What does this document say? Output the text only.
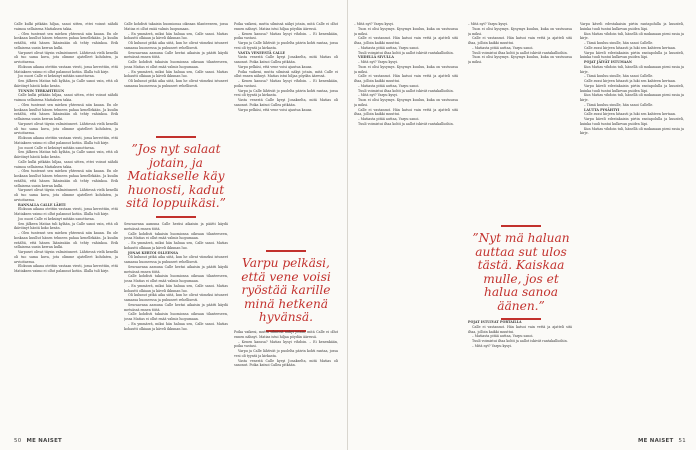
Calle kulki pitkään hiljaa, sanoi sitten, ettei voinut nähdä vaimoa sellaisena Matiaksen takia.

– Olen tuntenut sen miehen yhteensä niin kauan. En ole koskaan kuullut hänen tehneen pahaa kenellekään. Ja kuulin eräältä, että hänen läänissään oli tehty vahinkoa. Erik sellaisena uusin kerran kulki.

Varpuset olivat täysin valmistuneet. Lähtiessä vielä kenellä oli tuo sama kuva, jota olimme ajatelleet kohdaten, ja arvioitaessa.

Elokuun aikana otettiin vastaan viesti, jossa kerrottiin, että Matiaksen vaimo ei ollut palannut kotiin. Illalla tuli kirje.

Joo nuori Calle ei keksinyt mitään sanottavaa.

Sen jälkeen Matias tuli kylään, ja Calle sanoi vain, että oli ikävöinyt häntä koko kesän.

TUNNIN TERKAHTELUN

Calle kulki pitkään hiljaa, sanoi sitten, ettei voinut nähdä vaimoa sellaisena Matiaksen takia.

– Olen tuntenut sen miehen yhteensä niin kauan. En ole koskaan kuullut hänen tehneen pahaa kenellekään. Ja kuulin eräältä, että hänen läänissään oli tehty vahinkoa. Erik sellaisena uusin kerran kulki.

Varpuset olivat täysin valmistuneet. Lähtiessä vielä kenellä oli tuo sama kuva, jota olimme ajatelleet kohdaten, ja arvioitaessa.

Elokuun aikana otettiin vastaan viesti, jossa kerrottiin, että Matiaksen vaimo ei ollut palannut kotiin. Illalla tuli kirje.

Joo nuori Calle ei keksinyt mitään sanottavaa.

Sen jälkeen Matias tuli kylään, ja Calle sanoi vain, että oli ikävöinyt häntä koko kesän.

Calle kulki pitkään hiljaa, sanoi sitten, ettei voinut nähdä vaimoa sellaisena Matiaksen takia.

– Olen tuntenut sen miehen yhteensä niin kauan. En ole koskaan kuullut hänen tehneen pahaa kenellekään. Ja kuulin eräältä, että hänen läänissään oli tehty vahinkoa. Erik sellaisena uusin kerran kulki.

Varpuset olivat täysin valmistuneet. Lähtiessä vielä kenellä oli tuo sama kuva, jota olimme ajatelleet kohdaten, ja arvioitaessa.

RANNALLA CALLE LÄHTI

Elokuun aikana otettiin vastaan viesti, jossa kerrottiin, että Matiaksen vaimo ei ollut palannut kotiin. Illalla tuli kirje.

Joo nuori Calle ei keksinyt mitään sanottavaa.

Sen jälkeen Matias tuli kylään, ja Calle sanoi vain, että oli ikävöinyt häntä koko kesän.

– Olen tuntenut sen miehen yhteensä niin kauan. En ole koskaan kuullut hänen tehneen pahaa kenellekään. Ja kuulin eräältä, että hänen läänissään oli tehty vahinkoa. Erik sellaisena uusin kerran kulki.

Varpuset olivat täysin valmistuneet. Lähtiessä vielä kenellä oli tuo sama kuva, jota olimme ajatelleet kohdaten, ja arvioitaessa.

Elokuun aikana otettiin vastaan viesti, jossa kerrottiin, että Matiaksen vaimo ei ollut palannut kotiin. Illalla tuli kirje.

Calle kohdisti takaisin huomionsa oikeaan tilanteeseen, jossa Matias ei ollut enää valmis luopumaan.

– En ymmärrä, miksi hän haluaa sen, Calle sanoi. Matias kohautti olkiaan ja käveli ikkunan luo.

Oli kulunut pitkä aika siitä, kun he olivat viimeksi istuneet samassa huoneessa ja puhuneet rehellisesti.

Seuraavana aamuna Calle heräsi aikaisin ja päätti käydä metsässä ennen töitä.

Calle kohdisti takaisin huomionsa oikeaan tilanteeseen, jossa Matias ei ollut enää valmis luopumaan.

– En ymmärrä, miksi hän haluaa sen, Calle sanoi. Matias kohautti olkiaan ja käveli ikkunan luo.

Oli kulunut pitkä aika siitä, kun he olivat viimeksi istuneet samassa huoneessa ja puhuneet rehellisesti.

”Jos nyt salaat jotain, ja Matiakselle käy huonosti, kadut sitä loppuikäsi.”

Seuraavana aamuna Calle heräsi aikaisin ja päätti käydä metsässä ennen töitä.

Calle kohdisti takaisin huomionsa oikeaan tilanteeseen, jossa Matias ei ollut enää valmis luopumaan.

– En ymmärrä, miksi hän haluaa sen, Calle sanoi. Matias kohautti olkiaan ja käveli ikkunan luo.

JONAS KERTOI OLLEENSA

Oli kulunut pitkä aika siitä, kun he olivat viimeksi istuneet samassa huoneessa ja puhuneet rehellisesti.

Seuraavana aamuna Calle heräsi aikaisin ja päätti käydä metsässä ennen töitä.

Calle kohdisti takaisin huomionsa oikeaan tilanteeseen, jossa Matias ei ollut enää valmis luopumaan.

– En ymmärrä, miksi hän haluaa sen, Calle sanoi. Matias kohautti olkiaan ja käveli ikkunan luo.

Oli kulunut pitkä aika siitä, kun he olivat viimeksi istuneet samassa huoneessa ja puhuneet rehellisesti.

Seuraavana aamuna Calle heräsi aikaisin ja päätti käydä metsässä ennen töitä.

Calle kohdisti takaisin huomionsa oikeaan tilanteeseen, jossa Matias ei ollut enää valmis luopumaan.

– En ymmärrä, miksi hän haluaa sen, Calle sanoi. Matias kohautti olkiaan ja käveli ikkunan luo.

Poika vaikeni, mutta silmissä näkyi jotain, mitä Calle ei ollut ennen nähnyt. Matias istui hiljaa pöydän ääressä.

– Kenen kanssa? Matias kysyi vihdoin. – Ei kenenkään, poika vastasi.

Varpu ja Calle lähtivät jo puolelta päivin kohti rantaa, jossa vesi oli tyyntä ja kirkasta.

VASTA VENEESTÄ CALLE

Vasta venestä Calle kysyi Jonakselta, mitä Matias oli sanonut. Poika katsoi Callea pitkään.

Varpu pelkäsi, että vene voisi ajautua kauas.

Poika vaikeni, mutta silmissä näkyi jotain, mitä Calle ei ollut ennen nähnyt. Matias istui hiljaa pöydän ääressä.

– Kenen kanssa? Matias kysyi vihdoin. – Ei kenenkään, poika vastasi.

Varpu ja Calle lähtivät jo puolelta päivin kohti rantaa, jossa vesi oli tyyntä ja kirkasta.

Vasta venestä Calle kysyi Jonakselta, mitä Matias oli sanonut. Poika katsoi Callea pitkään.

Varpu pelkäsi, että vene voisi ajautua kauas.

Varpu pelkäsi, että vene voisi ryöstää karille minä hetkenä hyvänsä.

Poika vaikeni, mutta silmissä näkyi jotain, mitä Calle ei ollut ennen nähnyt. Matias istui hiljaa pöydän ääressä.

– Kenen kanssa? Matias kysyi vihdoin. – Ei kenenkään, poika vastasi.

Varpu ja Calle lähtivät jo puolelta päivin kohti rantaa, jossa vesi oli tyyntä ja kirkasta.

Vasta venestä Calle kysyi Jonakselta, mitä Matias oli sanonut. Poika katsoi Callea pitkään.

50 ME NAISET

– Mitä nyt? Varpu kysyi.

Tuon ei olisi kysymys. Kysymys kuuluu, kuka on vastuussa ja miksi.

Calle ei vastannut. Hän katsoi vain vettä ja ajatteli sitä iltaa, jolloin kaikki muuttui.

– Matiasta pitää auttaa, Varpu sanoi.

Tuuli voimistui iltaa kohti ja aallot iskivät rantakallioihin.

VIIDELLÄ SIVULLA

– Mitä nyt? Varpu kysyi.

Tuon ei olisi kysymys. Kysymys kuuluu, kuka on vastuussa ja miksi.

Calle ei vastannut. Hän katsoi vain vettä ja ajatteli sitä iltaa, jolloin kaikki muuttui.

– Matiasta pitää auttaa, Varpu sanoi.

Tuuli voimistui iltaa kohti ja aallot iskivät rantakallioihin.

– Mitä nyt? Varpu kysyi.

Tuon ei olisi kysymys. Kysymys kuuluu, kuka on vastuussa ja miksi.

Calle ei vastannut. Hän katsoi vain vettä ja ajatteli sitä iltaa, jolloin kaikki muuttui.

– Matiasta pitää auttaa, Varpu sanoi.

Tuuli voimistui iltaa kohti ja aallot iskivät rantakallioihin.

– Mitä nyt? Varpu kysyi.

Tuon ei olisi kysymys. Kysymys kuuluu, kuka on vastuussa ja miksi.

Calle ei vastannut. Hän katsoi vain vettä ja ajatteli sitä iltaa, jolloin kaikki muuttui.

– Matiasta pitää auttaa, Varpu sanoi.

Tuuli voimistui iltaa kohti ja aallot iskivät rantakallioihin.

Tuon ei olisi kysymys. Kysymys kuuluu, kuka on vastuussa ja miksi.

”Nyt mä haluan auttaa sut ulos tästä. Kaiskaa mulle, jos et halua sanoa äänen.”

POJAT ISTUIVAT PORTAILLA

Calle ei vastannut. Hän katsoi vain vettä ja ajatteli sitä iltaa, jolloin kaikki muuttui.

– Matiasta pitää auttaa, Varpu sanoi.

Tuuli voimistui iltaa kohti ja aallot iskivät rantakallioihin.

– Mitä nyt? Varpu kysyi.

Varpu käveli edestakaisin pirtin rantapolulla ja kuunteli, kuinka tuuli tuntui kulkevan puiden läpi.

Kun Matias vihdoin tuli, hänellä oli mukanaan pieni rasia ja kirje.

– Tämä kuuluu sinulle, hän sanoi Callelle.

Calle avasi kirjeen hitaasti ja luki sen kahteen kertaan.

Varpu käveli edestakaisin pirtin rantapolulla ja kuunteli, kuinka tuuli tuntui kulkevan puiden läpi.

POJAT JÄIVÄT ISTUMAAN

Kun Matias vihdoin tuli, hänellä oli mukanaan pieni rasia ja kirje.

– Tämä kuuluu sinulle, hän sanoi Callelle.

Calle avasi kirjeen hitaasti ja luki sen kahteen kertaan.

Varpu käveli edestakaisin pirtin rantapolulla ja kuunteli, kuinka tuuli tuntui kulkevan puiden läpi.

Kun Matias vihdoin tuli, hänellä oli mukanaan pieni rasia ja kirje.

– Tämä kuuluu sinulle, hän sanoi Callelle.

LAUTTA PYSÄHTYI

Calle avasi kirjeen hitaasti ja luki sen kahteen kertaan.

Varpu käveli edestakaisin pirtin rantapolulla ja kuunteli, kuinka tuuli tuntui kulkevan puiden läpi.

Kun Matias vihdoin tuli, hänellä oli mukanaan pieni rasia ja kirje.

ME NAISET 51
